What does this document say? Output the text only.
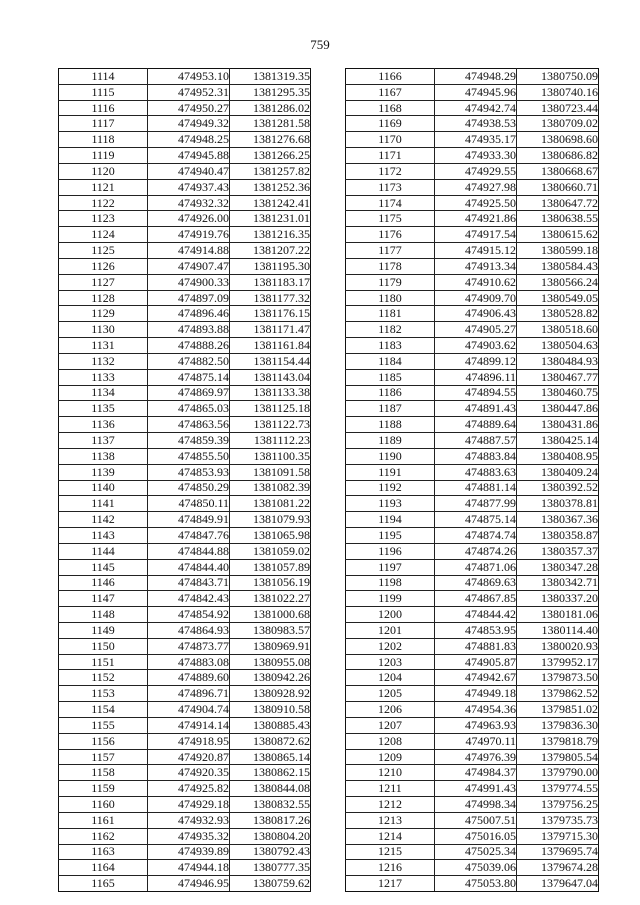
759
1114	474953.10	1381319.35
1115	474952.31	1381295.35
1116	474950.27	1381286.02
1117	474949.32	1381281.58
1118	474948.25	1381276.68
1119	474945.88	1381266.25
1120	474940.47	1381257.82
1121	474937.43	1381252.36
1122	474932.32	1381242.41
1123	474926.00	1381231.01
1124	474919.76	1381216.35
1125	474914.88	1381207.22
1126	474907.47	1381195.30
1127	474900.33	1381183.17
1128	474897.09	1381177.32
1129	474896.46	1381176.15
1130	474893.88	1381171.47
1131	474888.26	1381161.84
1132	474882.50	1381154.44
1133	474875.14	1381143.04
1134	474869.97	1381133.38
1135	474865.03	1381125.18
1136	474863.56	1381122.73
1137	474859.39	1381112.23
1138	474855.50	1381100.35
1139	474853.93	1381091.58
1140	474850.29	1381082.39
1141	474850.11	1381081.22
1142	474849.91	1381079.93
1143	474847.76	1381065.98
1144	474844.88	1381059.02
1145	474844.40	1381057.89
1146	474843.71	1381056.19
1147	474842.43	1381022.27
1148	474854.92	1381000.68
1149	474864.93	1380983.57
1150	474873.77	1380969.91
1151	474883.08	1380955.08
1152	474889.60	1380942.26
1153	474896.71	1380928.92
1154	474904.74	1380910.58
1155	474914.14	1380885.43
1156	474918.95	1380872.62
1157	474920.87	1380865.14
1158	474920.35	1380862.15
1159	474925.82	1380844.08
1160	474929.18	1380832.55
1161	474932.93	1380817.26
1162	474935.32	1380804.20
1163	474939.89	1380792.43
1164	474944.18	1380777.35
1165	474946.95	1380759.62
1166	474948.29	1380750.09
1167	474945.96	1380740.16
1168	474942.74	1380723.44
1169	474938.53	1380709.02
1170	474935.17	1380698.60
1171	474933.30	1380686.82
1172	474929.55	1380668.67
1173	474927.98	1380660.71
1174	474925.50	1380647.72
1175	474921.86	1380638.55
1176	474917.54	1380615.62
1177	474915.12	1380599.18
1178	474913.34	1380584.43
1179	474910.62	1380566.24
1180	474909.70	1380549.05
1181	474906.43	1380528.82
1182	474905.27	1380518.60
1183	474903.62	1380504.63
1184	474899.12	1380484.93
1185	474896.11	1380467.77
1186	474894.55	1380460.75
1187	474891.43	1380447.86
1188	474889.64	1380431.86
1189	474887.57	1380425.14
1190	474883.84	1380408.95
1191	474883.63	1380409.24
1192	474881.14	1380392.52
1193	474877.99	1380378.81
1194	474875.14	1380367.36
1195	474874.74	1380358.87
1196	474874.26	1380357.37
1197	474871.06	1380347.28
1198	474869.63	1380342.71
1199	474867.85	1380337.20
1200	474844.42	1380181.06
1201	474853.95	1380114.40
1202	474881.83	1380020.93
1203	474905.87	1379952.17
1204	474942.67	1379873.50
1205	474949.18	1379862.52
1206	474954.36	1379851.02
1207	474963.93	1379836.30
1208	474970.11	1379818.79
1209	474976.39	1379805.54
1210	474984.37	1379790.00
1211	474991.43	1379774.55
1212	474998.34	1379756.25
1213	475007.51	1379735.73
1214	475016.05	1379715.30
1215	475025.34	1379695.74
1216	475039.06	1379674.28
1217	475053.80	1379647.04
